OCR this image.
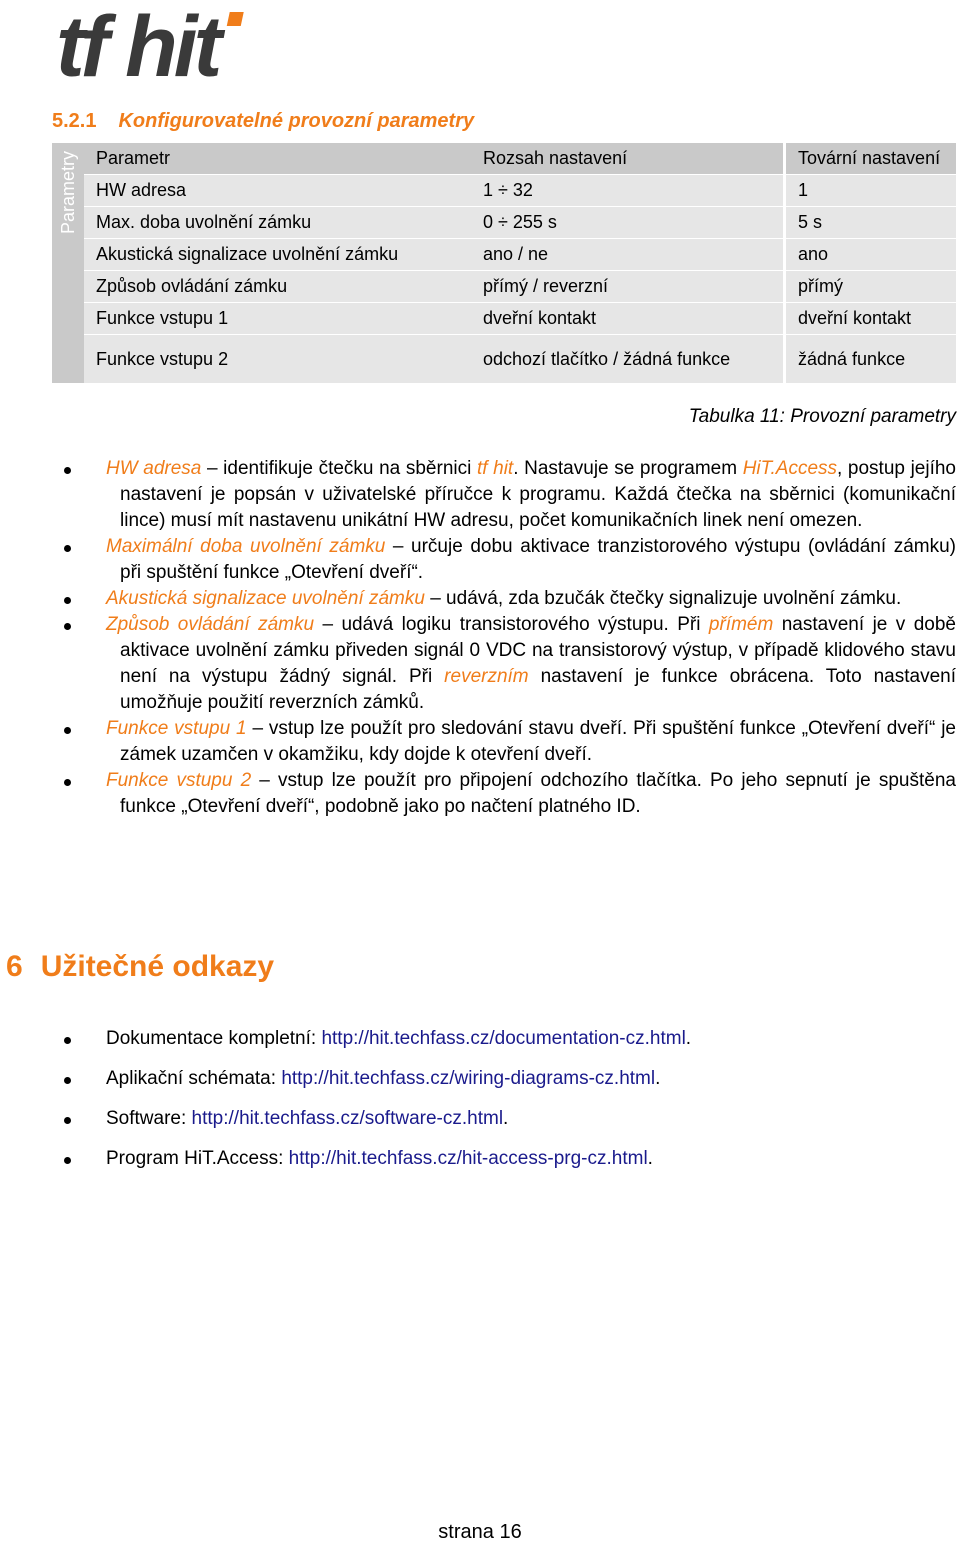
tf hit
5.2.1 Konfigurovatelné provozní parametry
Parametry	Parametr	Rozsah nastavení	Tovární nastavení
	HW adresa	1 ÷ 32	1
	Max. doba uvolnění zámku	0 ÷ 255 s	5 s
	Akustická signalizace uvolnění zámku	ano / ne	ano
	Způsob ovládání zámku	přímý / reverzní	přímý
	Funkce vstupu 1	dveřní kontakt	dveřní kontakt
	Funkce vstupu 2	odchozí tlačítko / žádná funkce	žádná funkce
Tabulka 11: Provozní parametry
HW adresa – identifikuje čtečku na sběrnici tf hit. Nastavuje se programem HiT.Access, postup jejího nastavení je popsán v uživatelské příručce k programu. Každá čtečka na sběrnici (komunikační lince) musí mít nastavenu unikátní HW adresu, počet komunikačních linek není omezen.
Maximální doba uvolnění zámku – určuje dobu aktivace tranzistorového výstupu (ovládání zámku) při spuštění funkce „Otevření dveří“.
Akustická signalizace uvolnění zámku – udává, zda bzučák čtečky signalizuje uvolnění zámku.
Způsob ovládání zámku – udává logiku transistorového výstupu. Při přímém nastavení je v době aktivace uvolnění zámku přiveden signál 0 VDC na transistorový výstup, v případě klidového stavu není na výstupu žádný signál. Při reverzním nastavení je funkce obrácena. Toto nastavení umožňuje použití reverzních zámků.
Funkce vstupu 1 – vstup lze použít pro sledování stavu dveří. Při spuštění funkce „Otevření dveří“ je zámek uzamčen v okamžiku, kdy dojde k otevření dveří.
Funkce vstupu 2 – vstup lze použít pro připojení odchozího tlačítka. Po jeho sepnutí je spuštěna funkce „Otevření dveří“, podobně jako po načtení platného ID.
6 Užitečné odkazy
Dokumentace kompletní: http://hit.techfass.cz/documentation-cz.html.
Aplikační schémata: http://hit.techfass.cz/wiring-diagrams-cz.html.
Software: http://hit.techfass.cz/software-cz.html.
Program HiT.Access: http://hit.techfass.cz/hit-access-prg-cz.html.
strana 16
